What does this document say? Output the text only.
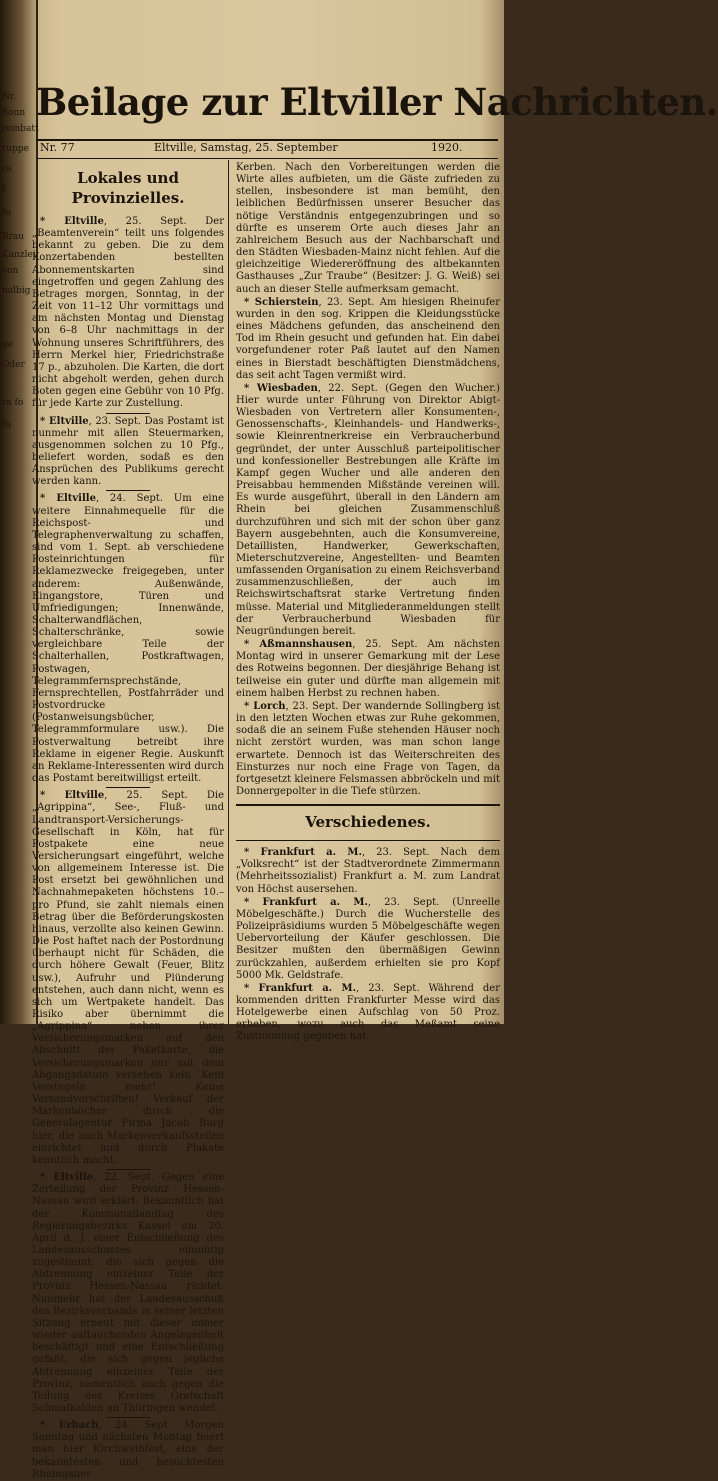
Nr.
Sonn
reinbatt
ruppe
ra
f
fu
Brau
Kanzlei
von
nalbig
ge
Oder
ra fo
fu
Beilage zur Eltviller Nachrichten.
Nr. 77	Eltville, Samstag, 25. September	1920.
Lokales und Provinzielles.

* Eltville, 25. Sept. Der „Beamtenverein“ teilt uns folgendes bekannt zu geben. Die zu dem Konzertabenden bestellten Abonnementskarten sind eingetroffen und gegen Zahlung des Betrages morgen, Sonntag, in der Zeit von 11–12 Uhr vormittags und am nächsten Montag und Dienstag von 6–8 Uhr nachmittags in der Wohnung unseres Schriftführers, des Herrn Merkel hier, Friedrichstraße 17 p., abzuholen. Die Karten, die dort nicht abgeholt werden, gehen durch Boten gegen eine Gebühr von 10 Pfg. für jede Karte zur Zustellung.

* Eltville, 23. Sept. Das Postamt ist nunmehr mit allen Steuermarken, ausgenommen solchen zu 10 Pfg., beliefert worden, sodaß es den Ansprüchen des Publikums gerecht werden kann.

* Eltville, 24. Sept. Um eine weitere Einnahmequelle für die Reichspost- und Telegraphenverwaltung zu schaffen, sind vom 1. Sept. ab verschiedene Posteinrichtungen für Reklamezwecke freigegeben, unter anderem: Außenwände, Eingangstore, Türen und Umfriedigungen; Innenwände, Schalterwandflächen, Schalterschränke, sowie vergleichbare Teile der Schalterhallen, Postkraftwagen, Postwagen, Telegrammfernsprechstände, Fernsprechtellen, Postfahrräder und Postvordrucke (Postanweisungsbücher, Telegrammformulare usw.). Die Postverwaltung betreibt ihre Reklame in eigener Regie. Auskunft an Reklame-Interessenten wird durch das Postamt bereitwilligst erteilt.

* Eltville, 25. Sept. Die „Agrippina“, See-, Fluß- und Landtransport-Versicherungs-Gesellschaft in Köln, hat für Postpakete eine neue Versicherungsart eingeführt, welche von allgemeinem Interesse ist. Die Post ersetzt bei gewöhnlichen und Nachnahmepaketen höchstens 10.– pro Pfund, sie zahlt niemals einen Betrag über die Beförderungskosten hinaus, verzollte also keinen Gewinn. Die Post haftet nach der Postordnung überhaupt nicht für Schäden, die durch höhere Gewalt (Feuer, Blitz usw.), Aufruhr und Plünderung entstehen, auch dann nicht, wenn es sich um Wertpakete handelt. Das Risiko aber übernimmt die „Agrippina“ neben ihrer Versicherungsmarken auf den Abschnitt der Paketkarte, die Versicherungsmarken nur mit dem Abgangsdatum versehen kein. Kein Verstegeln mehr! Keine Versandvorschriften! Verkauf der Markenbücher durch die Generalagentur Firma Jacob Burg hier, die auch Markenverkaufsstellen einrichtet und durch Plakate kenntlich macht.

* Eltville, 22. Sept. Gegen eine Zerteilung der Provinz Hessen-Nassau wird erklärt: Bekanntlich hat der Kommunallandtag des Regierungsbezirks Kassel am 20. April d. J. einer Entschließung des Landesausschusses einmütig zugestimmt, die sich gegen die Abtrennung einzelner Teile der Provinz Hessen-Nassau richtet. Nunmehr hat der Landesausschuß des Bezirksverbands in seiner letzten Sitzung erneut mit dieser immer wieder auftauchenden Angelegenheit beschäftigt und eine Entschließung gefaßt, die sich gegen jegliche Abtrennung einzelner Teile der Provinz, namentlich auch gegen die Teilung des Kreises Grafschaft Schmalkalden an Thüringen wendet.

* Erbach, 24. Sept. Morgen Sonntag und nächsten Montag feiert man hier Kirchweihfest, eine der bekanntesten und besuchtesten Rheingauer

Kerben. Nach den Vorbereitungen werden die Wirte alles aufbieten, um die Gäste zufrieden zu stellen, insbesondere ist man bemüht, den leiblichen Bedürfnissen unserer Besucher das nötige Verständnis entgegenzubringen und so dürfte es unserem Orte auch dieses Jahr an zahlreichem Besuch aus der Nachbarschaft und den Städten Wiesbaden-Mainz nicht fehlen. Auf die gleichzeitige Wiedereröffnung des altbekannten Gasthauses „Zur Traube“ (Besitzer: J. G. Weiß) sei auch an dieser Stelle aufmerksam gemacht.

* Schierstein, 23. Sept. Am hiesigen Rheinufer wurden in den sog. Krippen die Kleidungsstücke eines Mädchens gefunden, das anscheinend den Tod im Rhein gesucht und gefunden hat. Ein dabei vorgefundener roter Paß lautet auf den Namen eines in Bierstadt beschäftigten Dienstmädchens, das seit acht Tagen vermißt wird.

* Wiesbaden, 22. Sept. (Gegen den Wucher.) Hier wurde unter Führung von Direktor Abigt-Wiesbaden von Vertretern aller Konsumenten-, Genossenschafts-, Kleinhandels- und Handwerks-, sowie Kleinrentnerkreise ein Verbraucherbund gegründet, der unter Ausschluß parteipolitischer und konfessioneller Bestrebungen alle Kräfte im Kampf gegen Wucher und alle anderen den Preisabbau hemmenden Mißstände vereinen will. Es wurde ausgeführt, überall in den Ländern am Rhein bei gleichen Zusammenschluß durchzuführen und sich mit der schon über ganz Bayern ausgebehnten, auch die Konsumvereine, Detaillisten, Handwerker, Gewerkschaften, Mieterschutzvereine, Angestellten- und Beamten umfassenden Organisation zu einem Reichsverband zusammenzuschließen, der auch im Reichswirtschaftsrat starke Vertretung finden müsse. Material und Mitgliederanmeldungen stellt der Verbraucherbund Wiesbaden für Neugründungen bereit.

* Aßmannshausen, 25. Sept. Am nächsten Montag wird in unserer Gemarkung mit der Lese des Rotweins begonnen. Der diesjährige Behang ist teilweise ein guter und dürfte man allgemein mit einem halben Herbst zu rechnen haben.

* Lorch, 23. Sept. Der wandernde Sollingberg ist in den letzten Wochen etwas zur Ruhe gekommen, sodaß die an seinem Fuße stehenden Häuser noch nicht zerstört wurden, was man schon lange erwartete. Dennoch ist das Weiterschreiten des Einsturzes nur noch eine Frage von Tagen, da fortgesetzt kleinere Felsmassen abbröckeln und mit Donnergepolter in die Tiefe stürzen.

Verschiedenes.

* Frankfurt a. M., 23. Sept. Nach dem „Volksrecht“ ist der Stadtverordnete Zimmermann (Mehrheitssozialist) Frankfurt a. M. zum Landrat von Höchst ausersehen.

* Frankfurt a. M., 23. Sept. (Unreelle Möbelgeschäfte.) Durch die Wucherstelle des Polizeipräsidiums wurden 5 Möbelgeschäfte wegen Uebervorteilung der Käufer geschlossen. Die Besitzer mußten den übermäßigen Gewinn zurückzahlen, außerdem erhielten sie pro Kopf 5000 Mk. Geldstrafe.

* Frankfurt a. M., 23. Sept. Während der kommenden dritten Frankfurter Messe wird das Hotelgewerbe einen Aufschlag von 50 Proz. erheben, wozu auch das Meßamt seine Zustimmung gegeben hat.
